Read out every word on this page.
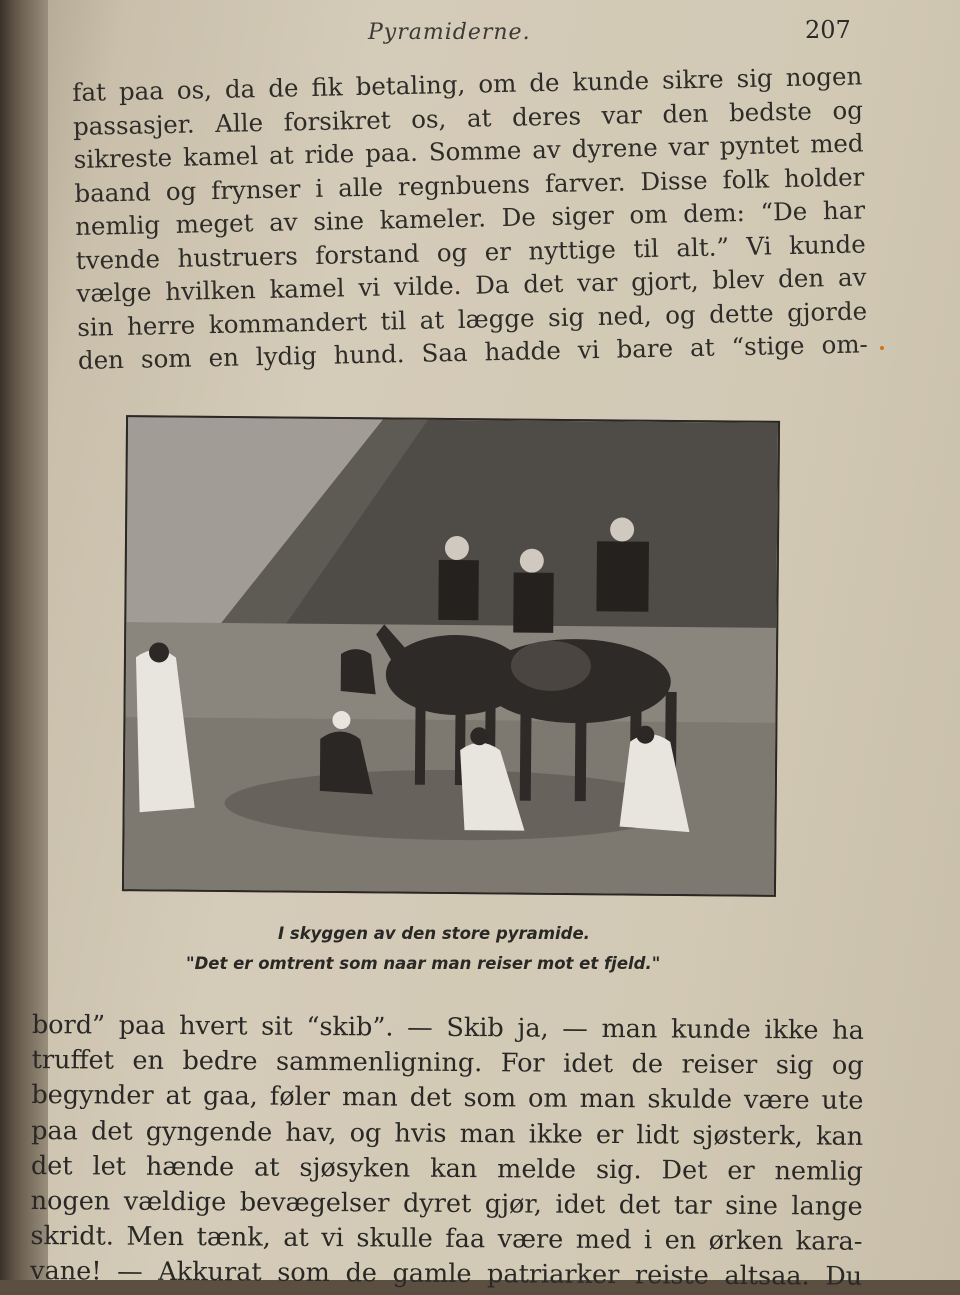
Pyramiderne.	207
fat paa os, da de fik betaling, om de kunde sikre sig nogen
passasjer. Alle forsikret os, at deres var den bedste og
sikreste kamel at ride paa. Somme av dyrene var pyntet med
baand og frynser i alle regnbuens farver. Disse folk holder
nemlig meget av sine kameler. De siger om dem: “De har
tvende hustruers forstand og er nyttige til alt.” Vi kunde
vælge hvilken kamel vi vilde. Da det var gjort, blev den av
sin herre kommandert til at lægge sig ned, og dette gjorde
den som en lydig hund. Saa hadde vi bare at “stige om-
I skyggen av den store pyramide.
"Det er omtrent som naar man reiser mot et fjeld."
bord” paa hvert sit “skib”. — Skib ja, — man kunde ikke ha
truffet en bedre sammenligning. For idet de reiser sig og
begynder at gaa, føler man det som om man skulde være ute
paa det gyngende hav, og hvis man ikke er lidt sjøsterk, kan
det let hænde at sjøsyken kan melde sig. Det er nemlig
nogen vældige bevægelser dyret gjør, idet det tar sine lange
skridt. Men tænk, at vi skulle faa være med i en ørken kara-
vane! — Akkurat som de gamle patriarker reiste altsaa. Du
